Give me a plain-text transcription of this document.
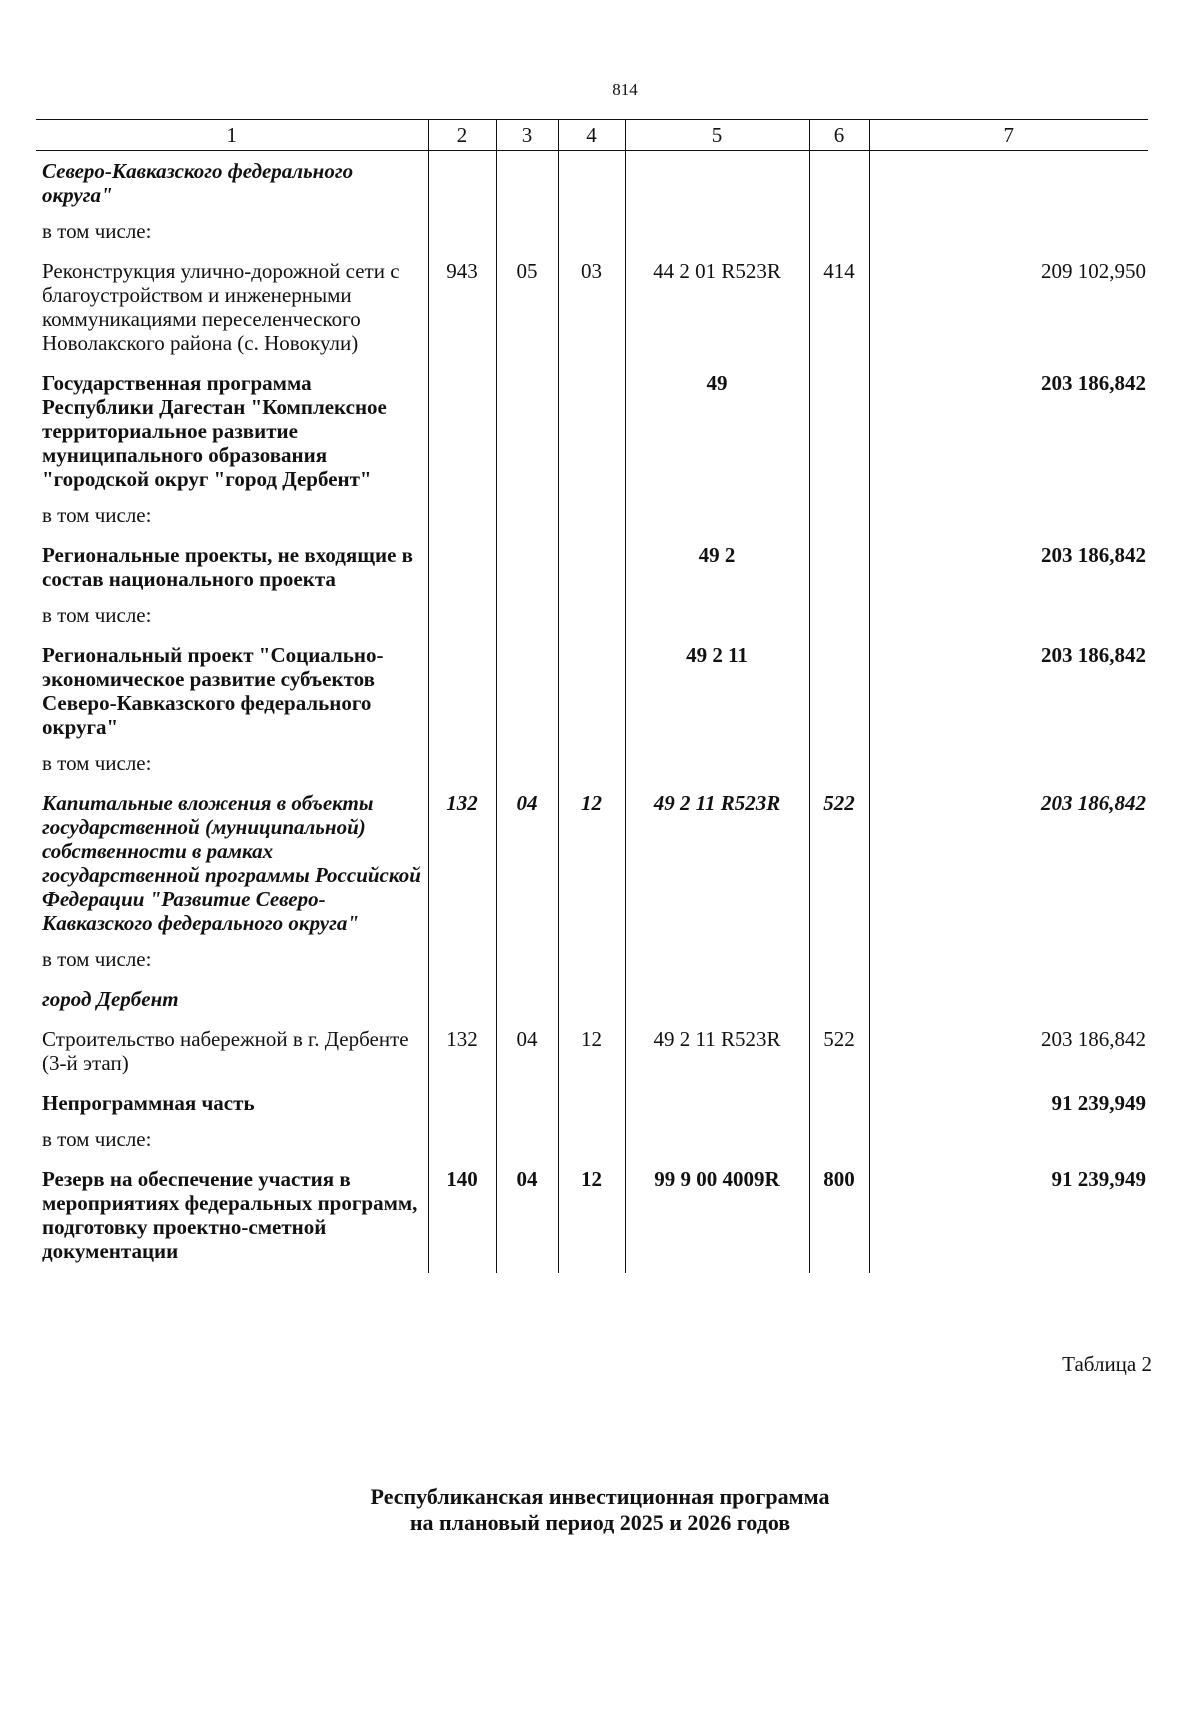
814
1	2	3	4	5	6	7
Северо-Кавказского федерального округа"						
в том числе:						
Реконструкция улично-дорожной сети с благоустройством и инженерными коммуникациями переселенческого Новолакского района (с. Новокули)	943	05	03	44 2 01 R523R	414	209 102,950
Государственная программа Республики Дагестан "Комплексное территориальное развитие муниципального образования "городской округ "город Дербент"				49		203 186,842
в том числе:						
Региональные проекты, не входящие в состав национального проекта				49 2		203 186,842
в том числе:						
Региональный проект "Социально-экономическое развитие субъектов Северо-Кавказского федерального округа"				49 2 11		203 186,842
в том числе:						
Капитальные вложения в объекты государственной (муниципальной) собственности в рамках государственной программы Российской Федерации "Развитие Северо-Кавказского федерального округа"	132	04	12	49 2 11 R523R	522	203 186,842
в том числе:						
город Дербент						
Строительство набережной в г. Дербенте (3-й этап)	132	04	12	49 2 11 R523R	522	203 186,842
Непрограммная часть						91 239,949
в том числе:						
Резерв на обеспечение участия в мероприятиях федеральных программ, подготовку проектно-сметной документации	140	04	12	99 9 00 4009R	800	91 239,949
Таблица 2
Республиканская инвестиционная программа
на плановый период 2025 и 2026 годов
